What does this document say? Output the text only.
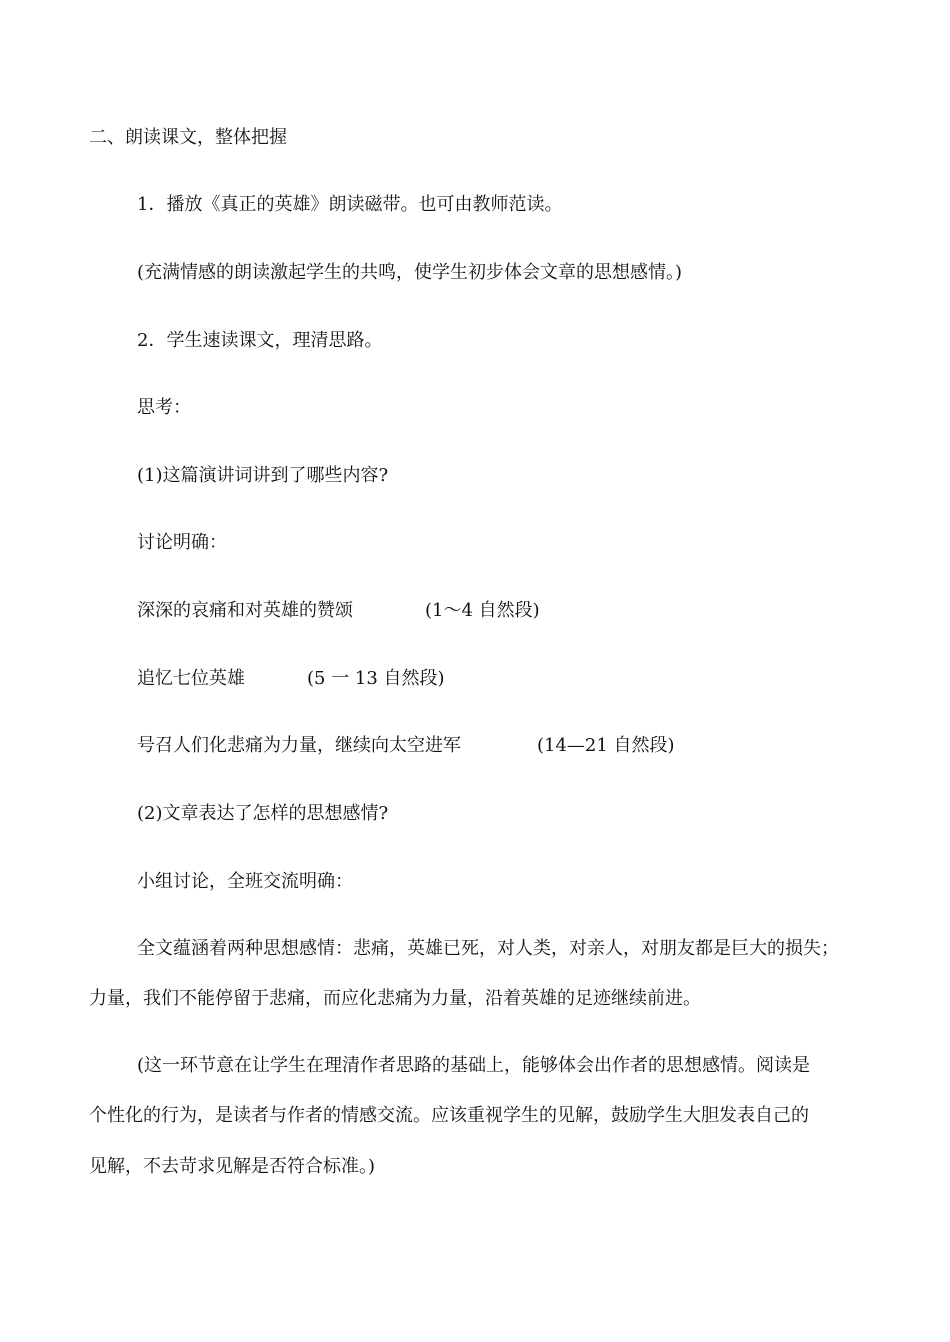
二、朗读课文，整体把握
1．播放《真正的英雄》朗读磁带。也可由教师范读。
(充满情感的朗读激起学生的共鸣，使学生初步体会文章的思想感情。)
2．学生速读课文，理清思路。
思考：
(1)这篇演讲词讲到了哪些内容?
讨论明确：
深深的哀痛和对英雄的赞颂	(1～4 自然段)
追忆七位英雄	(5 一 13 自然段)
号召人们化悲痛为力量，继续向太空进军	(14—21 自然段)
(2)文章表达了怎样的思想感情?
小组讨论，全班交流明确：
全文蕴涵着两种思想感情：悲痛，英雄已死，对人类，对亲人，对朋友都是巨大的损失；
力量，我们不能停留于悲痛，而应化悲痛为力量，沿着英雄的足迹继续前进。
(这一环节意在让学生在理清作者思路的基础上，能够体会出作者的思想感情。阅读是
个性化的行为，是读者与作者的情感交流。应该重视学生的见解，鼓励学生大胆发表自己的
见解，不去苛求见解是否符合标准。)
